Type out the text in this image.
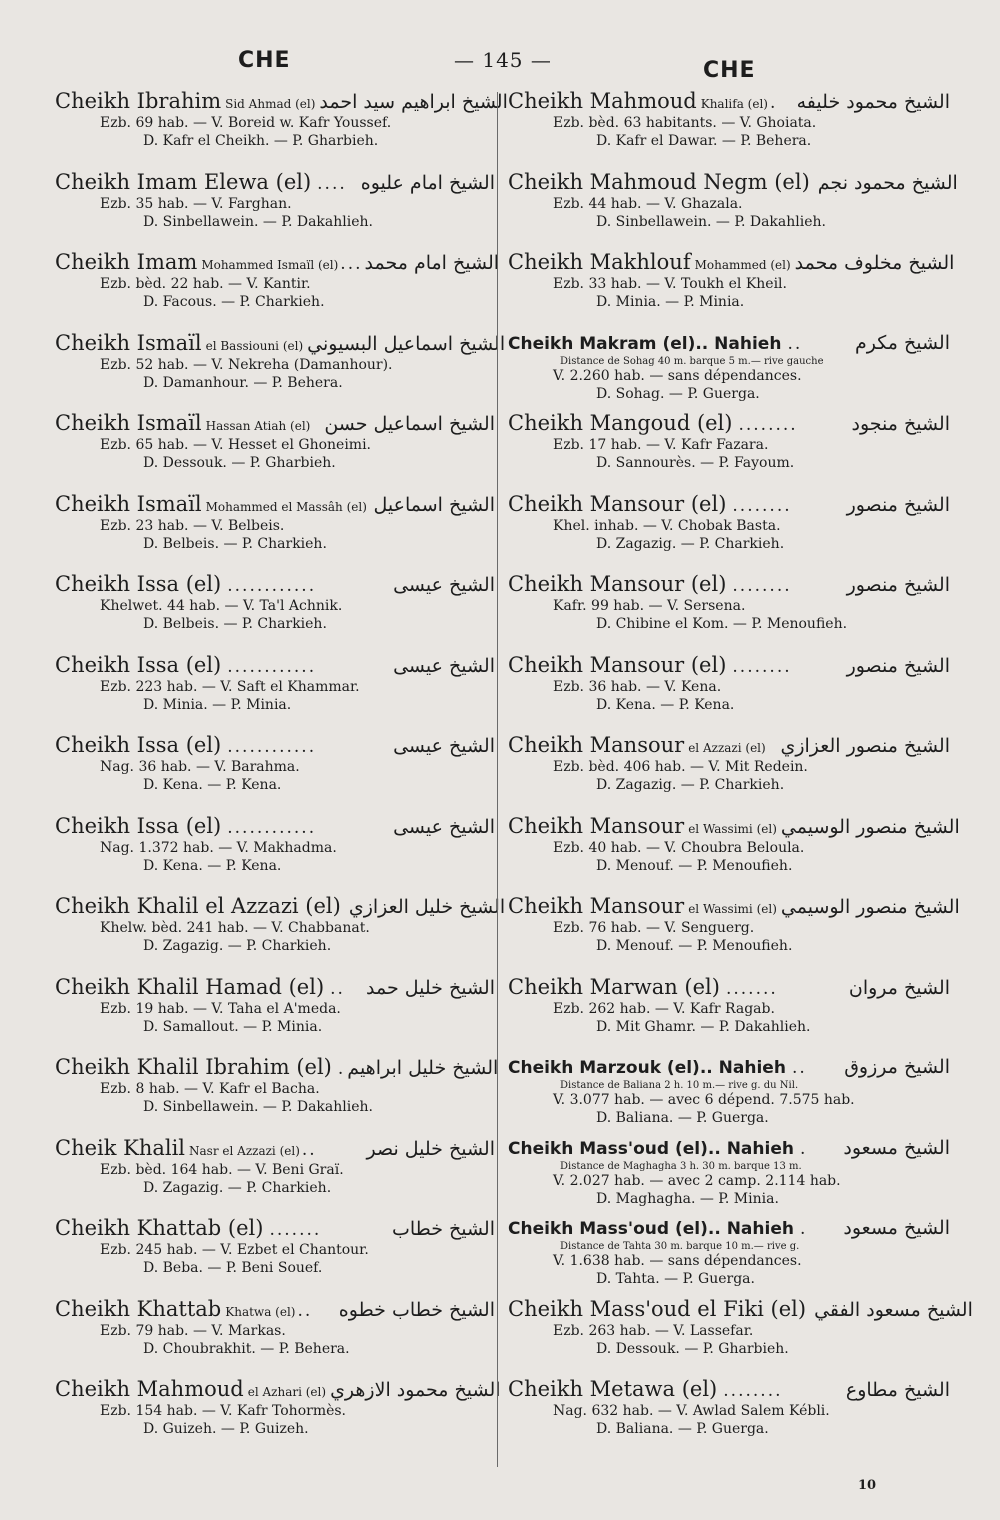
CHE	— 145 —	CHE
Cheikh Ibrahim Sid Ahmad (el) الشيخ ابراهيم سيد احمد
Ezb. 69 hab. — V. Boreid w. Kafr Youssef.
D. Kafr el Cheikh. — P. Gharbieh.
Cheikh Imam Elewa (el) .... الشيخ امام عليوه
Ezb. 35 hab. — V. Farghan.
D. Sinbellawein. — P. Dakahlieh.
Cheikh Imam Mohammed Ismaïl (el) ... الشيخ امام محمد
Ezb. bèd. 22 hab. — V. Kantir.
D. Facous. — P. Charkieh.
Cheikh Ismaïl el Bassiouni (el) الشيخ اسماعيل البسيوني
Ezb. 52 hab. — V. Nekreha (Damanhour).
D. Damanhour. — P. Behera.
Cheikh Ismaïl Hassan Atiah (el) الشيخ اسماعيل حسن
Ezb. 65 hab. — V. Hesset el Ghoneimi.
D. Dessouk. — P. Gharbieh.
Cheikh Ismaïl Mohammed el Massâh (el) الشيخ اسماعيل
Ezb. 23 hab. — V. Belbeis.
D. Belbeis. — P. Charkieh.
Cheikh Issa (el) ............	الشيخ عيسى
Khelwet. 44 hab. — V. Ta'l Achnik.
D. Belbeis. — P. Charkieh.
Cheikh Issa (el) ............	الشيخ عيسى
Ezb. 223 hab. — V. Saft el Khammar.
D. Minia. — P. Minia.
Cheikh Issa (el) ............	الشيخ عيسى
Nag. 36 hab. — V. Barahma.
D. Kena. — P. Kena.
Cheikh Issa (el) ............	الشيخ عيسى
Nag. 1.372 hab. — V. Makhadma.
D. Kena. — P. Kena.
Cheikh Khalil el Azzazi (el) الشيخ خليل العزازي
Khelw. bèd. 241 hab. — V. Chabbanat.
D. Zagazig. — P. Charkieh.
Cheikh Khalil Hamad (el) ..	الشيخ خليل حمد
Ezb. 19 hab. — V. Taha el A'meda.
D. Samallout. — P. Minia.
Cheikh Khalil Ibrahim (el) . الشيخ خليل ابراهيم
Ezb. 8 hab. — V. Kafr el Bacha.
D. Sinbellawein. — P. Dakahlieh.
Cheik Khalil Nasr el Azzazi (el) ..	الشيخ خليل نصر
Ezb. bèd. 164 hab. — V. Beni Graï.
D. Zagazig. — P. Charkieh.
Cheikh Khattab (el) .......	الشيخ خطاب
Ezb. 245 hab. — V. Ezbet el Chantour.
D. Beba. — P. Beni Souef.
Cheikh Khattab Khatwa (el) ..	الشيخ خطاب خطوه
Ezb. 79 hab. — V. Markas.
D. Choubrakhit. — P. Behera.
Cheikh Mahmoud el Azhari (el) الشيخ محمود الازهري
Ezb. 154 hab. — V. Kafr Tohormès.
D. Guizeh. — P. Guizeh.
Cheikh Mahmoud Khalifa (el) .	الشيخ محمود خليفه
Ezb. bèd. 63 habitants. — V. Ghoiata.
D. Kafr el Dawar. — P. Behera.
Cheikh Mahmoud Negm (el) الشيخ محمود نجم
Ezb. 44 hab. — V. Ghazala.
D. Sinbellawein. — P. Dakahlieh.
Cheikh Makhlouf Mohammed (el) الشيخ مخلوف محمد
Ezb. 33 hab. — V. Toukh el Kheil.
D. Minia. — P. Minia.
Cheikh Makram (el).. Nahieh ..	الشيخ مكرم
Distance de Sohag 40 m. barque 5 m.— rive gauche
V. 2.260 hab. — sans dépendances.
D. Sohag. — P. Guerga.
Cheikh Mangoud (el) ........	الشيخ منجود
Ezb. 17 hab. — V. Kafr Fazara.
D. Sannourès. — P. Fayoum.
Cheikh Mansour (el) ........	الشيخ منصور
Khel. inhab. — V. Chobak Basta.
D. Zagazig. — P. Charkieh.
Cheikh Mansour (el) ........	الشيخ منصور
Kafr. 99 hab. — V. Sersena.
D. Chibine el Kom. — P. Menoufieh.
Cheikh Mansour (el) ........	الشيخ منصور
Ezb. 36 hab. — V. Kena.
D. Kena. — P. Kena.
Cheikh Mansour el Azzazi (el) الشيخ منصور العزازي
Ezb. bèd. 406 hab. — V. Mit Redein.
D. Zagazig. — P. Charkieh.
Cheikh Mansour el Wassimi (el) الشيخ منصور الوسيمي
Ezb. 40 hab. — V. Choubra Beloula.
D. Menouf. — P. Menoufieh.
Cheikh Mansour el Wassimi (el) الشيخ منصور الوسيمي
Ezb. 76 hab. — V. Senguerg.
D. Menouf. — P. Menoufieh.
Cheikh Marwan (el) .......	الشيخ مروان
Ezb. 262 hab. — V. Kafr Ragab.
D. Mit Ghamr. — P. Dakahlieh.
Cheikh Marzouk (el).. Nahieh ..	الشيخ مرزوق
Distance de Baliana 2 h. 10 m.— rive g. du Nil.
V. 3.077 hab. — avec 6 dépend. 7.575 hab.
D. Baliana. — P. Guerga.
Cheikh Mass'oud (el).. Nahieh .	الشيخ مسعود
Distance de Maghagha 3 h. 30 m. barque 13 m.
V. 2.027 hab. — avec 2 camp. 2.114 hab.
D. Maghagha. — P. Minia.
Cheikh Mass'oud (el).. Nahieh .	الشيخ مسعود
Distance de Tahta 30 m. barque 10 m.— rive g.
V. 1.638 hab. — sans dépendances.
D. Tahta. — P. Guerga.
Cheikh Mass'oud el Fiki (el) الشيخ مسعود الفقي
Ezb. 263 hab. — V. Lassefar.
D. Dessouk. — P. Gharbieh.
Cheikh Metawa (el) ........	الشيخ مطاوع
Nag. 632 hab. — V. Awlad Salem Kébli.
D. Baliana. — P. Guerga.
10
